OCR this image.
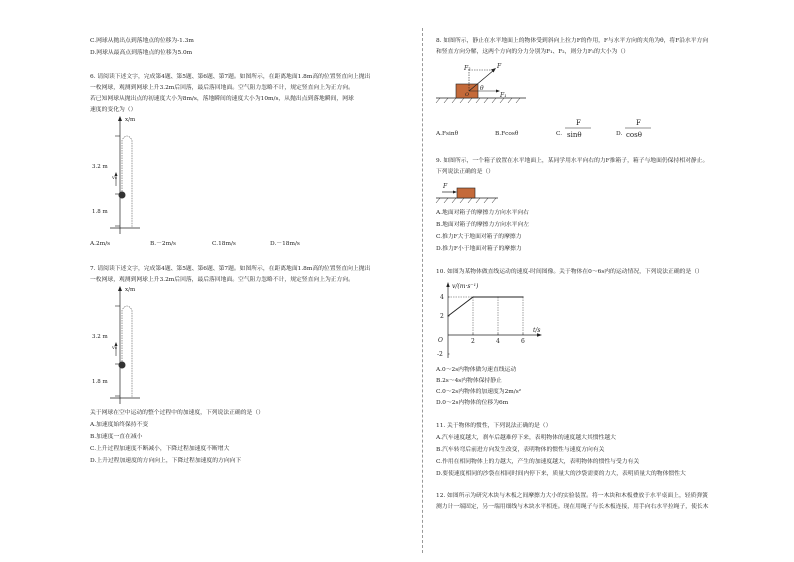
C.网球从抛出点到落地点的位移为-1.3m
D.网球从最高点到落地点的位移为5.0m
6. 请阅读下述文字，完成第4题、第5题、第6题、第7题。如图所示，在距离地面1.8m高的位置竖直向上抛出
一枚网球，观测到网球上升3.2m后回落，最后落回地面。空气阻力忽略不计，规定竖直向上为正方向。
若已知网球从抛出点的初速度大小为8m/s，落地瞬间的速度大小为10m/s，从抛出点到落地瞬间，网球
速度的变化为（）
x/m
3.2 m
1.8 m
v₀
A.2m/s	B.－2m/s	C.18m/s	D.－18m/s
7. 请阅读下述文字，完成第4题、第5题、第6题、第7题。如图所示，在距离地面1.8m高的位置竖直向上抛出
一枚网球，观测到网球上升3.2m后回落，最后落回地面。空气阻力忽略不计，规定竖直向上为正方向。
x/m
3.2 m
1.8 m
v₀
关于网球在空中运动的整个过程中的加速度，下列说法正确的是（）
A.加速度始终保持不变
B.加速度一直在减小
C.上升过程加速度不断减小，下降过程加速度不断增大
D.上升过程加速度的方向向上，下降过程加速度的方向向下
8. 如图所示，静止在水平地面上的物体受到斜向上拉力F的作用，F与水平方向的夹角为θ，将F沿水平方向
和竖直方向分解，这两个方向的分力分别为F₁、F₂，则分力F₁的大小为（）
F
F₂
F₁
θ
O
A.Fsinθ	B.Fcosθ	C.
F
sinθ	D.
F
cosθ
9. 如图所示，一个箱子放置在水平地面上，某同学用水平向右的力F推箱子，箱子与地面仍保持相对静止。
下列说法正确的是（）
F
A.地面对箱子的摩擦力方向水平向右
B.地面对箱子的摩擦力方向水平向左
C.推力F大于地面对箱子的摩擦力
D.推力F小于地面对箱子的摩擦力
10. 如图为某物体做直线运动的速度-时间图像。关于物体在0～6s内的运动情况，下列说法正确的是（）
v/(m·s⁻¹)
t/s
O	2	4	6
-2
2
4
A.0～2s内物体做匀速直线运动
B.2s～4s内物体保持静止
C.0～2s内物体的加速度为2m/s²
D.0～2s内物体的位移为6m
11. 关于物体的惯性，下列说法正确的是（）
A.汽车速度越大，刹车后越难停下来，表明物体的速度越大其惯性越大
B.汽车转弯后前进方向发生改变，表明物体的惯性与速度方向有关
C.作用在相同物体上的力越大，产生的加速度越大，表明物体的惯性与受力有关
D.要使速度相同的沙袋在相同时间内停下来，质量大的沙袋需要的力大，表明质量大的物体惯性大
12. 如图所示为研究木块与木板之间摩擦力大小的实验装置。将一木块和木板叠放于水平桌面上，轻质弹簧
测力计一端固定，另一端用细线与木块水平相连。现在用绳子与长木板连接，用手向右水平拉绳子，使长木
